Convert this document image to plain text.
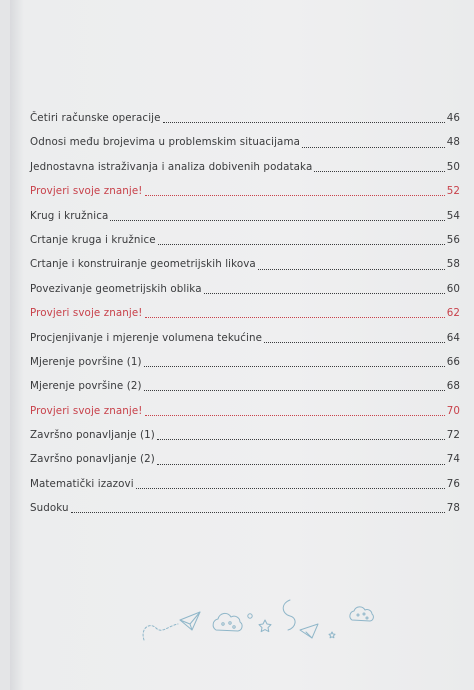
Četiri računske operacije	46
Odnosi među brojevima u problemskim situacijama	48
Jednostavna istraživanja i analiza dobivenih podataka	50
Provjeri svoje znanje!	52
Krug i kružnica	54
Crtanje kruga i kružnice	56
Crtanje i konstruiranje geometrijskih likova	58
Povezivanje geometrijskih oblika	60
Provjeri svoje znanje!	62
Procjenjivanje i mjerenje volumena tekućine	64
Mjerenje površine (1)	66
Mjerenje površine (2)	68
Provjeri svoje znanje!	70
Završno ponavljanje (1)	72
Završno ponavljanje (2)	74
Matematički izazovi	76
Sudoku	78
